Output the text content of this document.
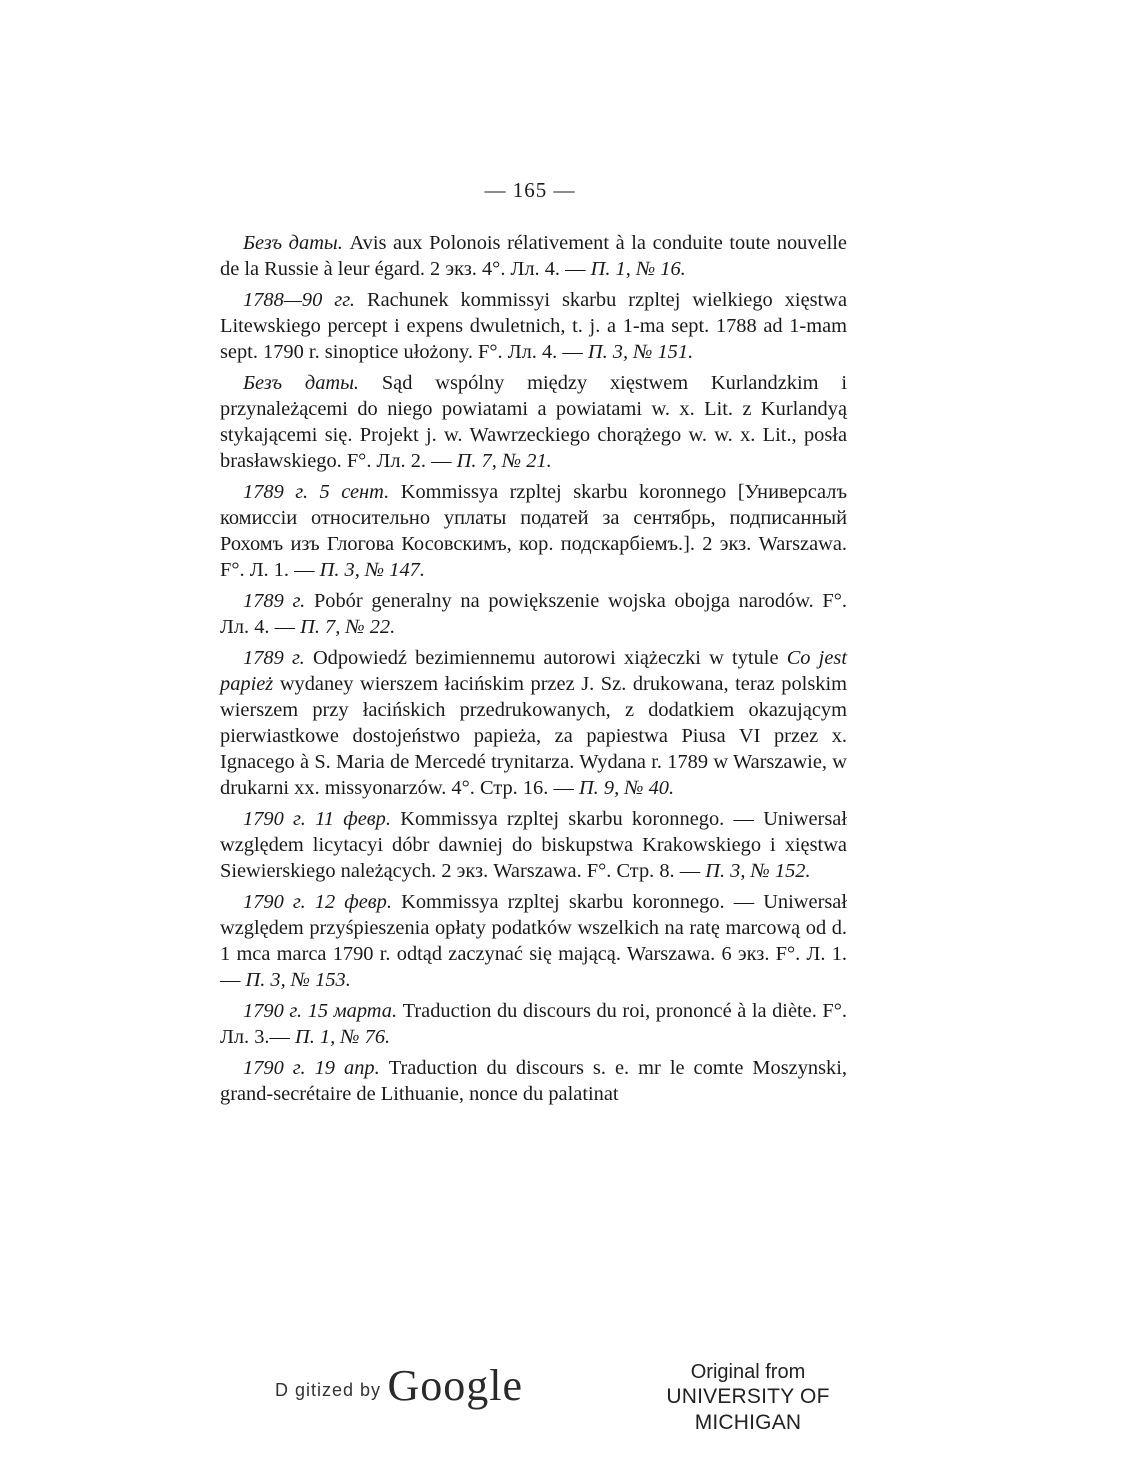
— 165 —

Безъ даты. Avis aux Polonois rélativement à la conduite toute nouvelle de la Russie à leur égard. 2 экз. 4°. Лл. 4. — П. 1, № 16.

1788—90 гг. Rachunek kommissyi skarbu rzpltej wielkiego xięstwa Litewskiego percept i expens dwuletnich, t. j. a 1-ma sept. 1788 ad 1-mam sept. 1790 r. sinoptice ułożony. F°. Лл. 4. — П. 3, № 151.

Безъ даты. Sąd wspólny między xięstwem Kurlandzkim i przynależącemi do niego powiatami a powiatami w. x. Lit. z Kurlandyą stykającemi się. Projekt j. w. Wawrzeckiego chorążego w. w. x. Lit., posła brasławskiego. F°. Лл. 2. — П. 7, № 21.

1789 г. 5 сент. Kommissya rzpltej skarbu koronnego [Универсалъ комиссіи относительно уплаты податей за сентябрь, подписанный Рохомъ изъ Глогова Косовскимъ, кор. подскарбіемъ.]. 2 экз. Warszawa. F°. Л. 1. — П. 3, № 147.

1789 г. Pobór generalny na powiększenie wojska obojga narodów. F°. Лл. 4. — П. 7, № 22.

1789 г. Odpowiedź bezimiennemu autorowi xiążeczki w tytule Co jest papież wydaney wierszem łacińskim przez J. Sz. drukowana, teraz polskim wierszem przy łacińskich przedrukowanych, z dodatkiem okazującym pierwiastkowe dostojeństwo papieża, za papiestwa Piusa VI przez x. Ignacego à S. Maria de Mercedé trynitarza. Wydana r. 1789 w Warszawie, w drukarni xx. missyonarzów. 4°. Стр. 16. — П. 9, № 40.

1790 г. 11 февр. Kommissya rzpltej skarbu koronnego. — Uniwersał względem licytacyi dóbr dawniej do biskupstwa Krakowskiego i xięstwa Siewierskiego należących. 2 экз. Warszawa. F°. Стр. 8. — П. 3, № 152.

1790 г. 12 февр. Kommissya rzpltej skarbu koronnego. — Uniwersał względem przyśpieszenia opłaty podatków wszelkich na ratę marcową od d. 1 mca marca 1790 r. odtąd zaczynać się mającą. Warszawa. 6 экз. F°. Л. 1.— П. 3, № 153.

1790 г. 15 марта. Traduction du discours du roi, prononcé à la diète. F°. Лл. 3.— П. 1, № 76.

1790 г. 19 апр. Traduction du discours s. e. mr le comte Moszynski, grand-secrétaire de Lithuanie, nonce du palatinat

D gitized by Google	Original from
UNIVERSITY OF MICHIGAN
